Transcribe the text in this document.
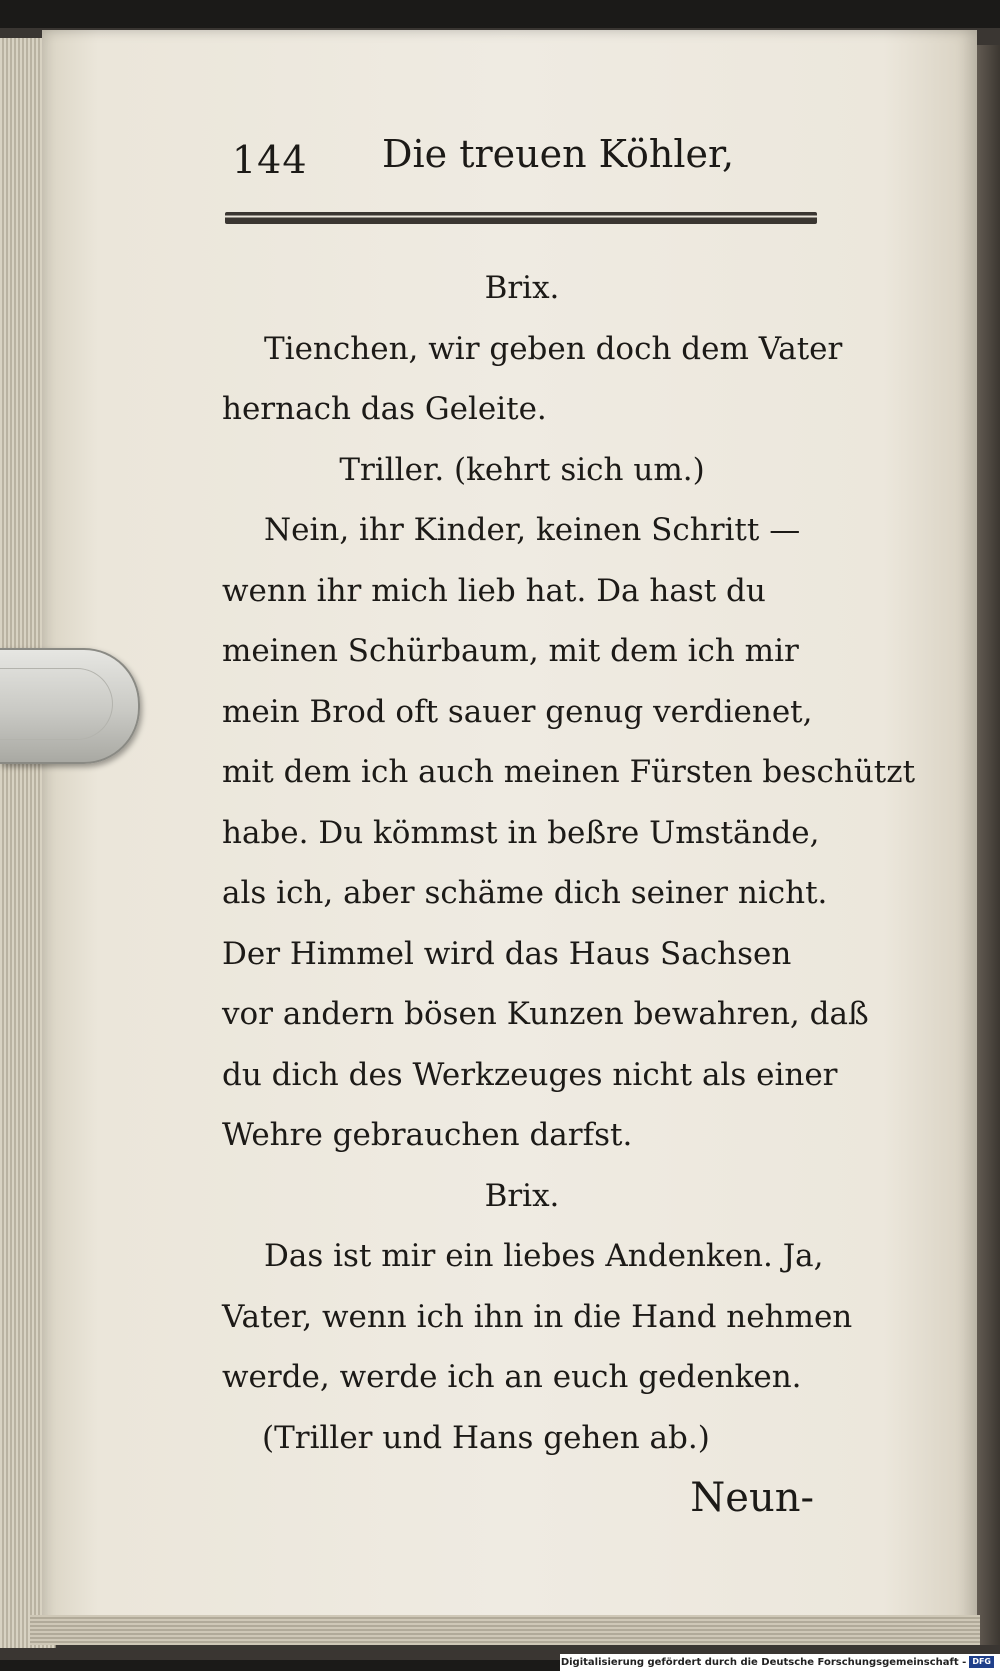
144 Die treuen Köhler,
Brix.
Tienchen, wir geben doch dem Vater
hernach das Geleite.
Triller. (kehrt sich um.)
Nein, ihr Kinder, keinen Schritt —
wenn ihr mich lieb hat. Da hast du
meinen Schürbaum, mit dem ich mir
mein Brod oft sauer genug verdienet,
mit dem ich auch meinen Fürsten beschützt
habe. Du kömmst in beßre Umstände,
als ich, aber schäme dich seiner nicht.
Der Himmel wird das Haus Sachsen
vor andern bösen Kunzen bewahren, daß
du dich des Werkzeuges nicht als einer
Wehre gebrauchen darfst.
Brix.
Das ist mir ein liebes Andenken. Ja,
Vater, wenn ich ihn in die Hand nehmen
werde, werde ich an euch gedenken.
(Triller und Hans gehen ab.)
Neun-
Digitalisierung gefördert durch die Deutsche Forschungsgemeinschaft - DFG
